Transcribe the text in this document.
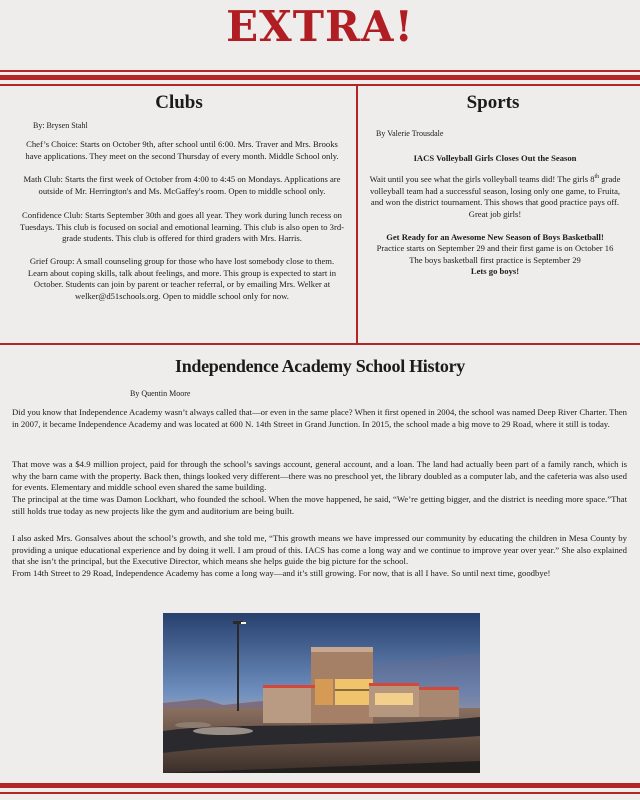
EXTRA!
Clubs
By: Brysen Stahl
Chef’s Choice: Starts on October 9th, after school until 6:00. Mrs. Traver and Mrs. Brooks have applications. They meet on the second Thursday of every month. Middle School only.
Math Club: Starts the first week of October from 4:00 to 4:45 on Mondays. Applications are outside of Mr. Herrington's and Ms. McGaffey's room. Open to middle school only.
Confidence Club: Starts September 30th and goes all year. They work during lunch recess on Tuesdays. This club is focused on social and emotional learning. This club is also open to 3rd-grade students. This club is offered for third graders with Mrs. Harris.
Grief Group: A small counseling group for those who have lost somebody close to them. Learn about coping skills, talk about feelings, and more. This group is expected to start in October. Students can join by parent or teacher referral, or by emailing Mrs. Welker at welker@d51schools.org. Open to middle school only for now.
Sports
By Valerie Trousdale
IACS Volleyball Girls Closes Out the Season
Wait until you see what the girls volleyball teams did! The girls 8th grade volleyball team had a successful season, losing only one game, to Fruita, and won the district tournament. This shows that good practice pays off. Great job girls!
Get Ready for an Awesome New Season of Boys Basketball!
Practice starts on September 29 and their first game is on October 16 The boys basketball first practice is September 29
Lets go boys!
Independence Academy School History
By Quentin Moore
Did you know that Independence Academy wasn’t always called that—or even in the same place? When it first opened in 2004, the school was named Deep River Charter. Then in 2007, it became Independence Academy and was located at 600 N. 14th Street in Grand Junction. In 2015, the school made a big move to 29 Road, where it still is today.
That move was a $4.9 million project, paid for through the school’s savings account, general account, and a loan. The land had actually been part of a family ranch, which is why the barn came with the property. Back then, things looked very different—there was no preschool yet, the library doubled as a computer lab, and the cafeteria was also used for events. Elementary and middle school even shared the same building.
The principal at the time was Damon Lockhart, who founded the school. When the move happened, he said, “We’re getting bigger, and the district is needing more space.”That still holds true today as new projects like the gym and auditorium are being built.
I also asked Mrs. Gonsalves about the school’s growth, and she told me, “This growth means we have impressed our community by educating the children in Mesa County by providing a unique educational experience and by doing it well. I am proud of this. IACS has come a long way and we continue to improve year over year.” She also explained that she isn’t the principal, but the Executive Director, which means she helps guide the big picture for the school.
From 14th Street to 29 Road, Independence Academy has come a long way—and it’s still growing. For now, that is all I have. So until next time, goodbye!
